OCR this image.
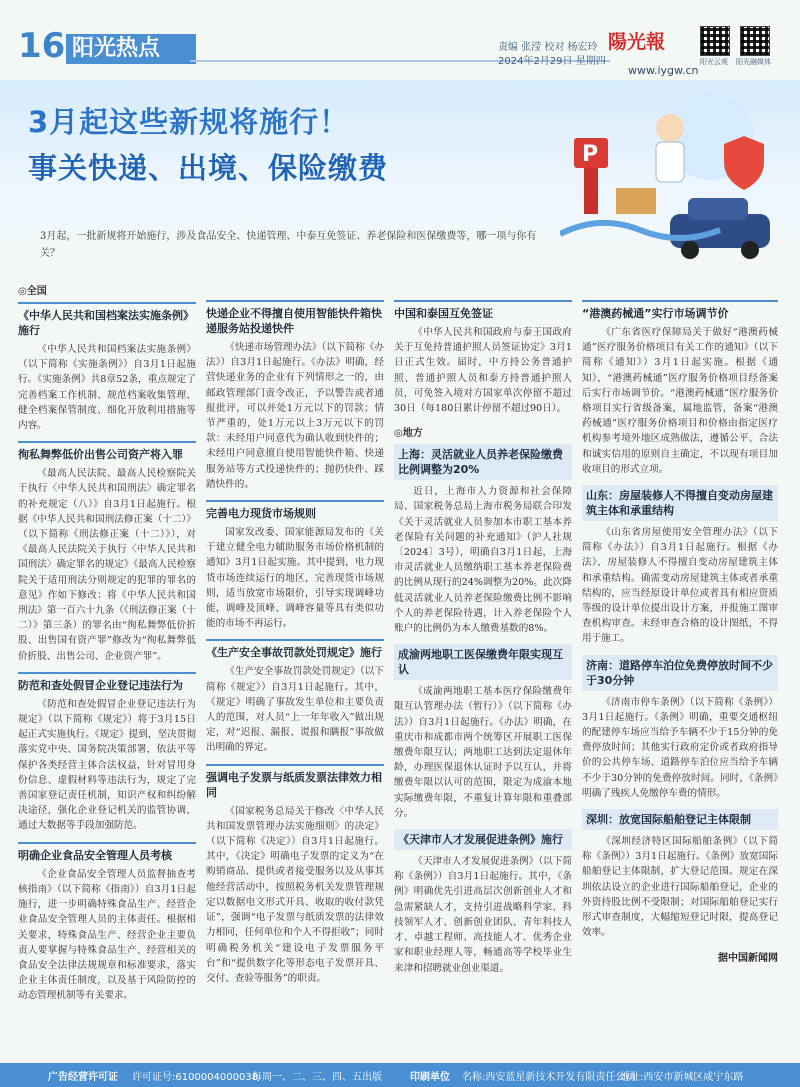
16 阳光热点	责编 张滢 校对 杨宏玲
2024年2月29日 星期四
陽光報
www.iygw.cn
阳光云观 阳光融媒体
3月起这些新规将施行！
事关快递、出境、保险缴费
3月起，一批新规将开始施行，涉及食品安全、快递管理、中泰互免签证、养老保险和医保缴费等，哪一项与你有关？
P
◎全国
《中华人民共和国档案法实施条例》施行

《中华人民共和国档案法实施条例》（以下简称《实施条例》）自3月1日起施行。《实施条例》共8章52条，重点规定了完善档案工作机制、规范档案收集管理、健全档案保管制度、细化开放利用措施等内容。

徇私舞弊低价出售公司资产将入罪

《最高人民法院、最高人民检察院关于执行〈中华人民共和国刑法〉确定罪名的补充规定（八）》自3月1日起施行。根据《中华人民共和国刑法修正案（十二）》（以下简称《刑法修正案（十二）》），对《最高人民法院关于执行〈中华人民共和国刑法〉确定罪名的规定》《最高人民检察院关于适用刑法分则规定的犯罪的罪名的意见》作如下修改：将《中华人民共和国刑法》第一百六十九条（《刑法修正案（十二）》第三条）的罪名由“徇私舞弊低价折股、出售国有资产罪”修改为“徇私舞弊低价折股、出售公司、企业资产罪”。

防范和查处假冒企业登记违法行为

《防范和查处假冒企业登记违法行为规定》（以下简称《规定》）将于3月15日起正式实施执行。《规定》提到，坚决贯彻落实党中央、国务院决策部署，依法平等保护各类经营主体合法权益，针对冒用身份信息、虚假材料等违法行为，规定了完善国家登记责任机制，知识产权和纠纷解决途径，强化企业登记机关的监管协调，通过大数据等手段加强防范。

明确企业食品安全管理人员考核

《企业食品安全管理人员监督抽查考核指南》（以下简称《指南》）自3月1日起施行，进一步明确特殊食品生产、经营企业食品安全管理人员的主体责任。根据相关要求，特殊食品生产、经营企业主要负责人要掌握与特殊食品生产、经营相关的食品安全法律法规规章和标准要求，落实企业主体责任制度，以及基于风险防控的动态管理机制等有关要求。

快递企业不得擅自使用智能快件箱快递服务站投递快件

《快递市场管理办法》（以下简称《办法》）自3月1日起施行。《办法》明确，经营快递业务的企业有下列情形之一的，由邮政管理部门责令改正，予以警告或者通报批评，可以并处1万元以下的罚款；情节严重的，处1万元以上3万元以下的罚款：未经用户同意代为确认收到快件的；未经用户同意擅自使用智能快件箱、快递服务站等方式投递快件的；抛扔快件、踩踏快件的。

完善电力现货市场规则

国家发改委、国家能源局发布的《关于建立健全电力辅助服务市场价格机制的通知》3月1日起实施。其中提到，电力现货市场连续运行的地区，完善现货市场规则，适当放宽市场限价，引导实现调峰功能，调峰及顶峰、调峰容量等具有类似功能的市场不再运行。

《生产安全事故罚款处罚规定》施行

《生产安全事故罚款处罚规定》（以下简称《规定》）自3月1日起施行。其中，《规定》明确了事故发生单位和主要负责人的范围，对人员“上一年年收入”做出规定，对“迟报、漏报、谎报和瞒报”事故做出明确的界定。

强调电子发票与纸质发票法律效力相同

《国家税务总局关于修改〈中华人民共和国发票管理办法实施细则〉的决定》（以下简称《决定》）自3月1日起施行。其中，《决定》明确电子发票的定义为“在购销商品、提供或者接受服务以及从事其他经营活动中，按照税务机关发票管理规定以数据电文形式开具、收取的收付款凭证”，强调“电子发票与纸质发票的法律效力相同，任何单位和个人不得拒收”；同时明确税务机关“建设电子发票服务平台”和“提供数字化等形态电子发票开具、交付、查验等服务”的职责。

中国和泰国互免签证

《中华人民共和国政府与泰王国政府关于互免持普通护照人员签证协定》3月1日正式生效。届时，中方持公务普通护照、普通护照人员和泰方持普通护照人员，可免签入境对方国家单次停留不超过30日（每180日累计停留不超过90日）。

◎地方
上海：灵活就业人员养老保险缴费比例调整为20%

近日，上海市人力资源和社会保障局、国家税务总局上海市税务局联合印发《关于灵活就业人员参加本市职工基本养老保险有关问题的补充通知》（沪人社规〔2024〕3号），明确自3月1日起，上海市灵活就业人员缴纳职工基本养老保险费的比例从现行的24%调整为20%。此次降低灵活就业人员养老保险缴费比例不影响个人的养老保险待遇，计入养老保险个人账户的比例仍为本人缴费基数的8%。

成渝两地职工医保缴费年限实现互认

《成渝两地职工基本医疗保险缴费年限互认管理办法（暂行）》（以下简称《办法》）自3月1日起施行。《办法》明确，在重庆市和成都市两个统筹区开展职工医保缴费年限互认；两地职工达到法定退休年龄，办理医保退休认证时予以互认，并将缴费年限以认可的范围，限定为成渝本地实际缴费年限，不重复计算年限和重叠部分。

《天津市人才发展促进条例》施行

《天津市人才发展促进条例》（以下简称《条例》）自3月1日起施行。其中，《条例》明确优先引进高层次创新创业人才和急需紧缺人才，支持引进战略科学家、科技领军人才、创新创业团队、青年科技人才、卓越工程师、高技能人才、优秀企业家和职业经理人等，畅通高等学校毕业生来津和招聘就业创业渠道。

“港澳药械通”实行市场调节价

《广东省医疗保障局关于做好“港澳药械通”医疗服务价格项目有关工作的通知》（以下简称《通知》）3月1日起实施。根据《通知》，“港澳药械通”医疗服务价格项目经备案后实行市场调节价。“港澳药械通”医疗服务价格项目实行省级备案，属地监管，备案“港澳药械通”医疗服务价格项目和价格由指定医疗机构参考境外地区成熟做法，遵循公平、合法和诚实信用的原则自主确定，不以现有项目加收项目的形式立项。

山东：房屋装修人不得擅自变动房屋建筑主体和承重结构

《山东省房屋使用安全管理办法》（以下简称《办法》）自3月1日起施行。根据《办法》，房屋装修人不得擅自变动房屋建筑主体和承重结构。确需变动房屋建筑主体或者承重结构的，应当经原设计单位或者具有相应资质等级的设计单位提出设计方案，并报施工图审查机构审查。未经审查合格的设计图纸，不得用于施工。

济南：道路停车泊位免费停放时间不少于30分钟

《济南市停车条例》（以下简称《条例》）3月1日起施行。《条例》明确，重要交通枢纽的配建停车场应当给予车辆不少于15分钟的免费停放时间；其他实行政府定价或者政府指导价的公共停车场、道路停车泊位应当给予车辆不少于30分钟的免费停放时间。同时，《条例》明确了残疾人免缴停车费的情形。

深圳：放宽国际船舶登记主体限制

《深圳经济特区国际船舶条例》（以下简称《条例》）3月1日起施行。《条例》放宽国际船舶登记主体限制，扩大登记范围。规定在深圳依法设立的企业进行国际船舶登记，企业的外资持股比例不受限制；对国际船舶登记实行形式审查制度，大幅缩短登记时限，提高登记效率。

据中国新闻网
广告经营许可证 许可证号:6100004000038
每周一、二、三、四、五出版	印刷单位 名称:西安蓝星新技术开发有限责任公司
地址:西安市新城区咸宁东路
